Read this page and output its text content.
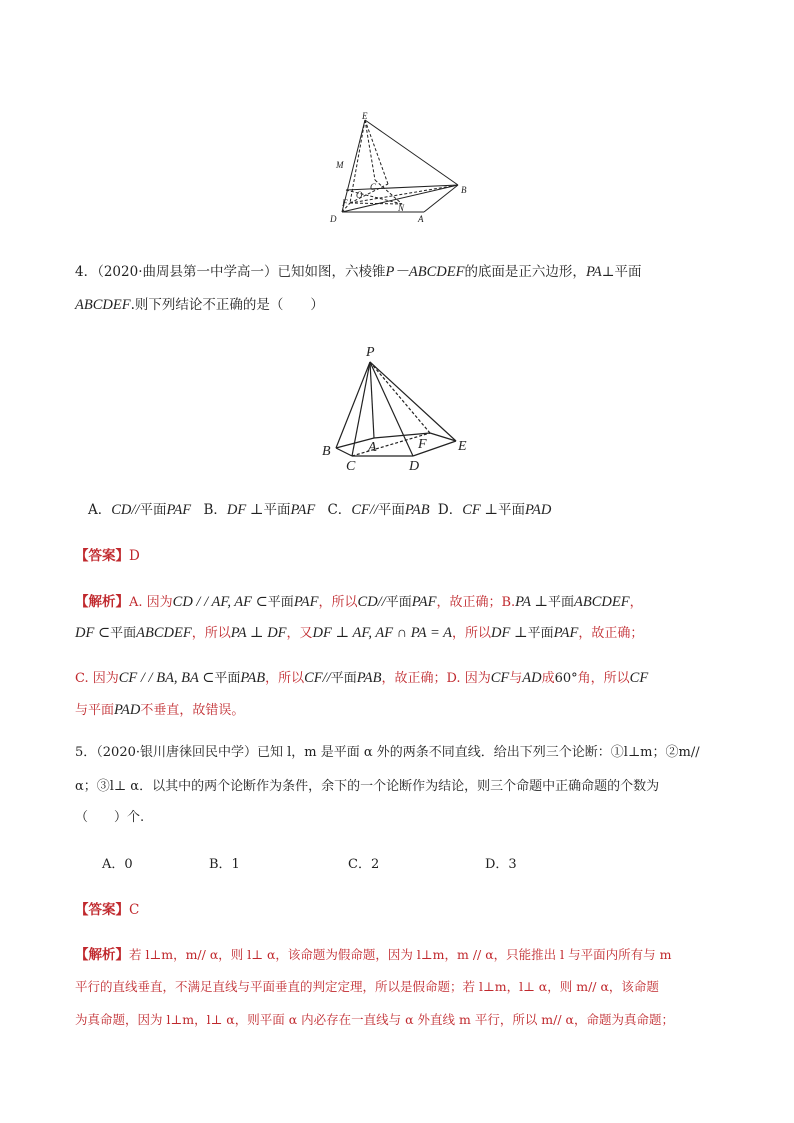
E
M
C
O
F	N
B
D	A
4．（2020·曲周县第一中学高一）已知如图，六棱锥P－ABCDEF的底面是正六边形，PA⊥平面
ABCDEF.则下列结论不正确的是（　　）
P
B	A	F E
C	D
A．CD//平面PAF B．DF ⊥平面PAF C．CF//平面PAB D．CF ⊥平面PAD
【答案】D
【解析】A. 因为CD / / AF, AF ⊂平面PAF，所以CD//平面PAF，故正确；B.PA ⊥平面ABCDEF，
DF ⊂平面ABCDEF，所以PA ⊥ DF，又DF ⊥ AF, AF ∩ PA = A，所以DF ⊥平面PAF，故正确；
C. 因为CF / / BA, BA ⊂平面PAB，所以CF//平面PAB，故正确；D. 因为CF与AD成60°角，所以CF
与平面PAD不垂直，故错误。
5．（2020·银川唐徕回民中学）已知 l，m 是平面 α 外的两条不同直线．给出下列三个论断：①l⊥m；②m//
α；③l⊥ α．以其中的两个论断作为条件，余下的一个论断作为结论，则三个命题中正确命题的个数为
（　　）个.
A．0	B．1	C．2	D．3
【答案】C
【解析】若 l⊥m，m// α，则 l⊥ α，该命题为假命题，因为 l⊥m，m // α，只能推出 l 与平面内所有与 m
平行的直线垂直，不满足直线与平面垂直的判定定理，所以是假命题；若 l⊥m，l⊥ α，则 m// α，该命题
为真命题，因为 l⊥m，l⊥ α，则平面 α 内必存在一直线与 α 外直线 m 平行，所以 m// α，命题为真命题；
